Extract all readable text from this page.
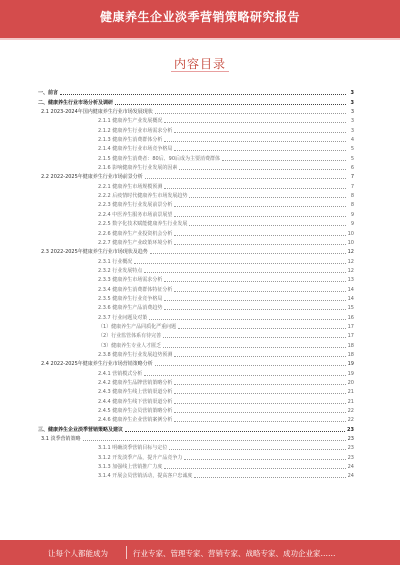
健康养生企业淡季营销策略研究报告
内容目录
一、前言	3
二、健康养生行业市场分析及调研	3
2.1 2023-2024年国内健康养生行业市场发展现状	3
2.1.1 健康养生产业发展概况	3
2.1.2 健康养生行业市场需求分析	3
2.1.3 健康养生消费群体分析	4
2.1.4 健康养生行业市场竞争格局	5
2.1.5 健康养生消费者：80后、90后成为主要消费群体	5
2.1.6 影响健康养生行业发展的因素	6
2.2 2022-2025年健康养生行业市场前景分析	7
2.2.1 健康养生市场规模预测	7
2.2.2 后疫情时代健康养生市场发展趋势	8
2.2.3 健康养生行业发展前景分析	8
2.2.4 中医养生服务市场前景展望	9
2.2.5 数字化技术赋能健康养生行业发展	9
2.2.6 健康养生产业投资机会分析	10
2.2.7 健康养生产业政策环境分析	10
2.3 2022-2025年健康养生行业市场现状及趋势	12
2.3.1 行业概况	12
2.3.2 行业发展特点	12
2.3.3 健康养生市场需求分析	13
2.3.4 健康养生消费群体特征分析	14
2.3.5 健康养生行业竞争格局	14
2.3.6 健康养生产品消费趋势	15
2.3.7 行业问题及对策	16
（1）健康养生产品同质化严重问题	17
（2）行业监管体系有待完善	17
（3）健康养生专业人才匮乏	18
2.3.8 健康养生行业发展趋势预测	18
2.4 2022-2025年健康养生行业市场营销策略分析	19
2.4.1 营销模式分析	19
2.4.2 健康养生品牌营销策略分析	20
2.4.3 健康养生线上营销渠道分析	21
2.4.4 健康养生线下营销渠道分析	21
2.4.5 健康养生会员营销策略分析	22
2.4.6 健康养生企业营销案例分析	22
三、健康养生企业淡季营销策略及建议	23
3.1 淡季营销策略	23
3.1.1 明确淡季营销目标与定位	23
3.1.2 开发淡季产品，提升产品竞争力	23
3.1.3 加强线上营销推广力度	24
3.1.4 开展会员营销活动，提高客户忠诚度	24
让每个人都能成为	行业专家、管理专家、营销专家、战略专家、成功企业家……
